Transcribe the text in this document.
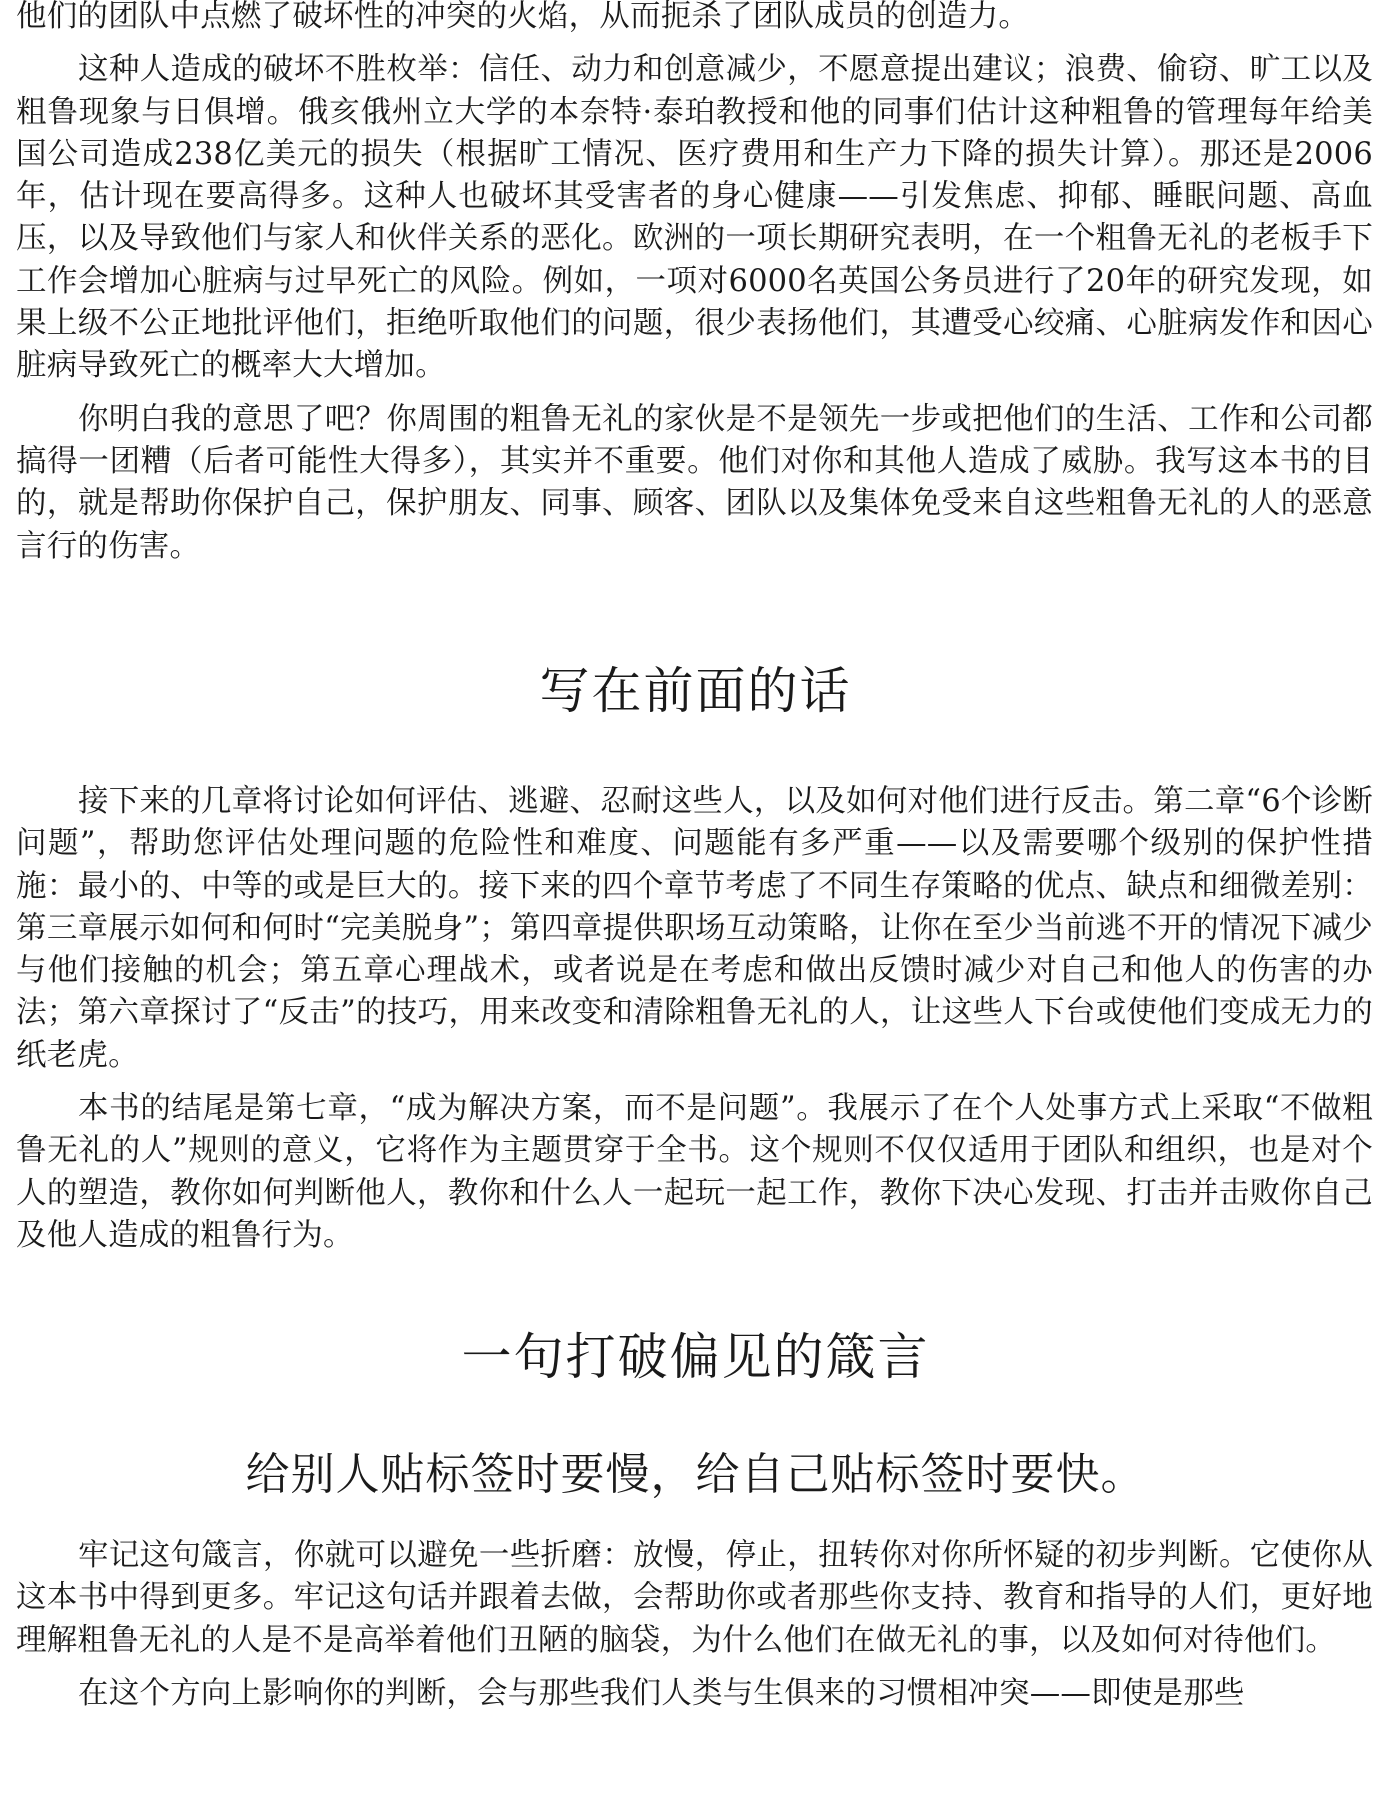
他们的团队中点燃了破坏性的冲突的火焰，从而扼杀了团队成员的创造力。

这种人造成的破坏不胜枚举：信任、动力和创意减少，不愿意提出建议；浪费、偷窃、旷工以及粗鲁现象与日俱增。俄亥俄州立大学的本奈特·泰珀教授和他的同事们估计这种粗鲁的管理每年给美国公司造成238亿美元的损失（根据旷工情况、医疗费用和生产力下降的损失计算）。那还是2006年，估计现在要高得多。这种人也破坏其受害者的身心健康——引发焦虑、抑郁、睡眠问题、高血压，以及导致他们与家人和伙伴关系的恶化。欧洲的一项长期研究表明，在一个粗鲁无礼的老板手下工作会增加心脏病与过早死亡的风险。例如，一项对6000名英国公务员进行了20年的研究发现，如果上级不公正地批评他们，拒绝听取他们的问题，很少表扬他们，其遭受心绞痛、心脏病发作和因心脏病导致死亡的概率大大增加。

你明白我的意思了吧？你周围的粗鲁无礼的家伙是不是领先一步或把他们的生活、工作和公司都搞得一团糟（后者可能性大得多），其实并不重要。他们对你和其他人造成了威胁。我写这本书的目的，就是帮助你保护自己，保护朋友、同事、顾客、团队以及集体免受来自这些粗鲁无礼的人的恶意言行的伤害。

写在前面的话

接下来的几章将讨论如何评估、逃避、忍耐这些人，以及如何对他们进行反击。第二章“6个诊断问题”，帮助您评估处理问题的危险性和难度、问题能有多严重——以及需要哪个级别的保护性措施：最小的、中等的或是巨大的。接下来的四个章节考虑了不同生存策略的优点、缺点和细微差别：第三章展示如何和何时“完美脱身”；第四章提供职场互动策略，让你在至少当前逃不开的情况下减少与他们接触的机会；第五章心理战术，或者说是在考虑和做出反馈时减少对自己和他人的伤害的办法；第六章探讨了“反击”的技巧，用来改变和清除粗鲁无礼的人，让这些人下台或使他们变成无力的纸老虎。

本书的结尾是第七章，“成为解决方案，而不是问题”。我展示了在个人处事方式上采取“不做粗鲁无礼的人”规则的意义，它将作为主题贯穿于全书。这个规则不仅仅适用于团队和组织，也是对个人的塑造，教你如何判断他人，教你和什么人一起玩一起工作，教你下决心发现、打击并击败你自己及他人造成的粗鲁行为。

一句打破偏见的箴言
给别人贴标签时要慢，给自己贴标签时要快。

牢记这句箴言，你就可以避免一些折磨：放慢，停止，扭转你对你所怀疑的初步判断。它使你从这本书中得到更多。牢记这句话并跟着去做，会帮助你或者那些你支持、教育和指导的人们，更好地理解粗鲁无礼的人是不是高举着他们丑陋的脑袋，为什么他们在做无礼的事，以及如何对待他们。

在这个方向上影响你的判断，会与那些我们人类与生俱来的习惯相冲突——即使是那些
